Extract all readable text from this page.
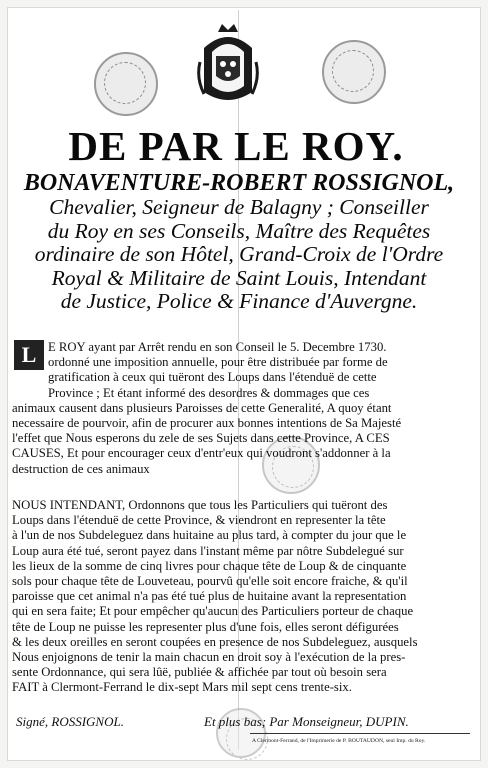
DE PAR LE ROY.
BONAVENTURE-ROBERT ROSSIGNOL,
Chevalier, Seigneur de Balagny ; Conseiller
du Roy en ses Conseils, Maître des Requêtes
ordinaire de son Hôtel, Grand-Croix de l'Ordre
Royal & Militaire de Saint Louis, Intendant
de Justice, Police & Finance d'Auvergne.
L E ROY ayant par Arrêt rendu en son Conseil le 5. Decembre 1730.
ordonné une imposition annuelle, pour être distribuée par forme de
gratification à ceux qui tuëront des Loups dans l'étenduë de cette
Province ; Et étant informé des desordres & dommages que ces
animaux causent dans plusieurs Paroisses de cette Generalité, A quoy étant
necessaire de pourvoir, afin de procurer aux bonnes intentions de Sa Majesté
l'effet que Nous esperons du zele de ses Sujets dans cette Province, A CES
CAUSES, Et pour encourager ceux d'entr'eux qui voudront s'addonner à la
destruction de ces animaux
NOUS INTENDANT, Ordonnons que tous les Particuliers qui tuëront des
Loups dans l'étenduë de cette Province, & viendront en representer la tête
à l'un de nos Subdeleguez dans huitaine au plus tard, à compter du jour que le
Loup aura été tué, seront payez dans l'instant même par nôtre Subdelegué sur
les lieux de la somme de cinq livres pour chaque tête de Loup & de cinquante
sols pour chaque tête de Louveteau, pourvû qu'elle soit encore fraiche, & qu'il
paroisse que cet animal n'a pas été tué plus de huitaine avant la representation
qui en sera faite; Et pour empêcher qu'aucun des Particuliers porteur de chaque
tête de Loup ne puisse les representer plus d'une fois, elles seront défigurées
& les deux oreilles en seront coupées en presence de nos Subdeleguez, ausquels
Nous enjoignons de tenir la main chacun en droit soy à l'exécution de la pres-
sente Ordonnance, qui sera lûë, publiée & affichée par tout où besoin sera
FAIT à Clermont-Ferrand le dix-sept Mars mil sept cens trente-six.
Signé, ROSSIGNOL.	Et plus bas; Par Monseigneur, DUPIN.
A Clermont-Ferrand, de l'Imprimerie de P. BOUTAUDON, seul Imp. du Roy.
